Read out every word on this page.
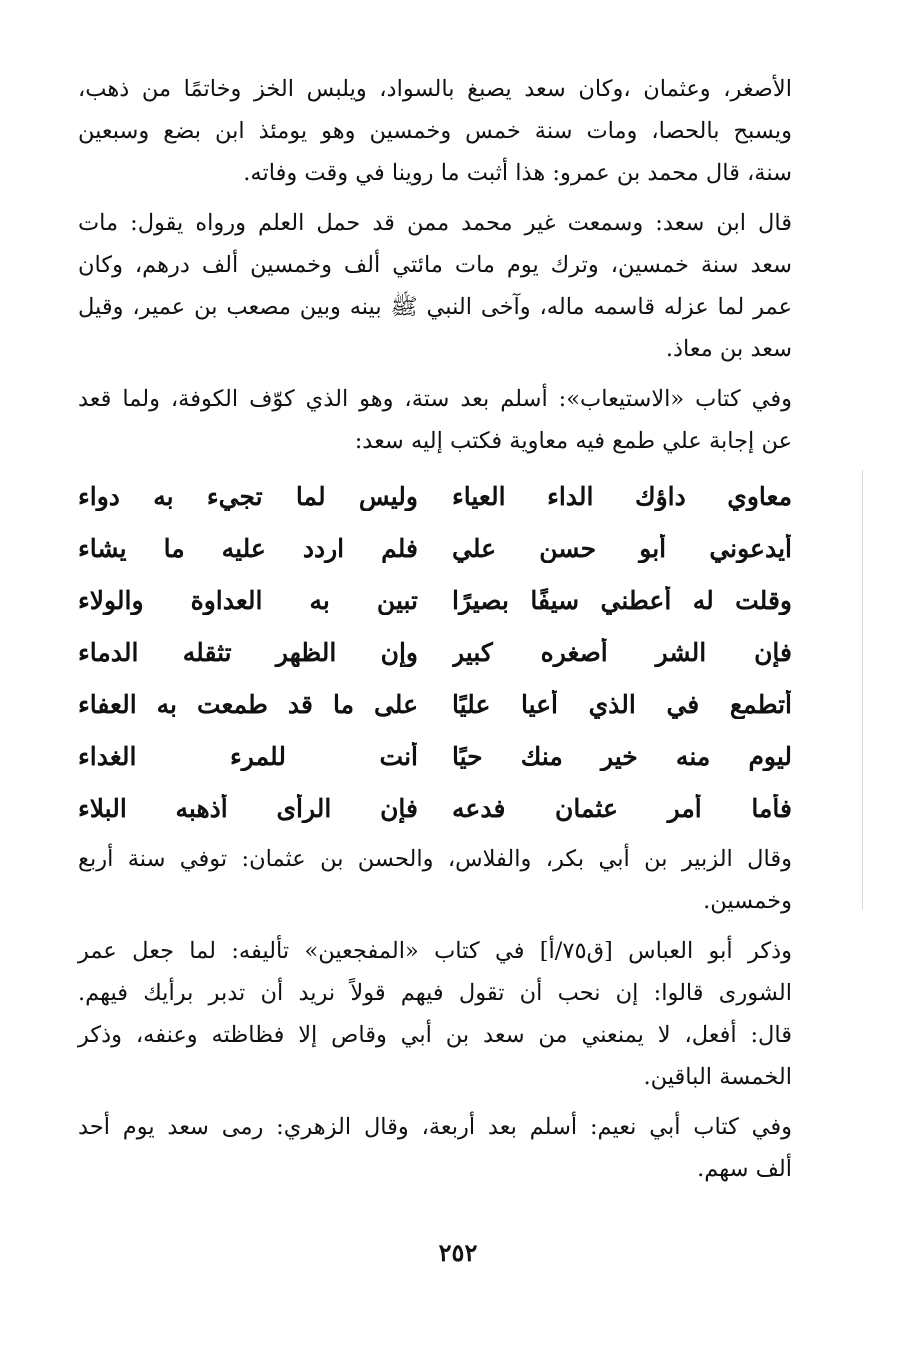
الأصغر، وعثمان ،وكان سعد يصبغ بالسواد، ويلبس الخز وخاتمًا من ذهب،
ويسبح بالحصا، ومات سنة خمس وخمسين وهو يومئذ ابن بضع وسبعين
سنة، قال محمد بن عمرو: هذا أثبت ما روينا في وقت وفاته.

قال ابن سعد: وسمعت غير محمد ممن قد حمل العلم ورواه يقول: مات
سعد سنة خمسين، وترك يوم مات مائتي ألف وخمسين ألف درهم، وكان
عمر لما عزله قاسمه ماله، وآخى النبي ﷺ بينه وبين مصعب بن عمير، وقيل
سعد بن معاذ.

وفي كتاب «الاستيعاب»: أسلم بعد ستة، وهو الذي كوّف الكوفة، ولما قعد
عن إجابة علي طمع فيه معاوية فكتب إليه سعد:

معاوي داؤك الداء العياء
وليس لما تجيء به دواء
أيدعوني أبو حسن علي
فلم اردد عليه ما يشاء
وقلت له أعطني سيفًا بصيرًا
تبين به العداوة والولاء
فإن الشر أصغره كبير
وإن الظهر تثقله الدماء
أتطمع في الذي أعيا عليًا
على ما قد طمعت به العفاء
ليوم منه خير منك حيًا
أنت للمرء الغداء
فأما أمر عثمان فدعه
فإن الرأى أذهبه البلاء

وقال الزبير بن أبي بكر، والفلاس، والحسن بن عثمان: توفي سنة أربع
وخمسين.

وذكر أبو العباس [ق٧٥/أ] في كتاب «المفجعين» تأليفه: لما جعل عمر
الشورى قالوا: إن نحب أن تقول فيهم قولاً نريد أن تدبر برأيك فيهم.
قال: أفعل، لا يمنعني من سعد بن أبي وقاص إلا فظاظته وعنفه، وذكر
الخمسة الباقين.

وفي كتاب أبي نعيم: أسلم بعد أربعة، وقال الزهري: رمى سعد يوم أحد
ألف سهم.

٢٥٢
